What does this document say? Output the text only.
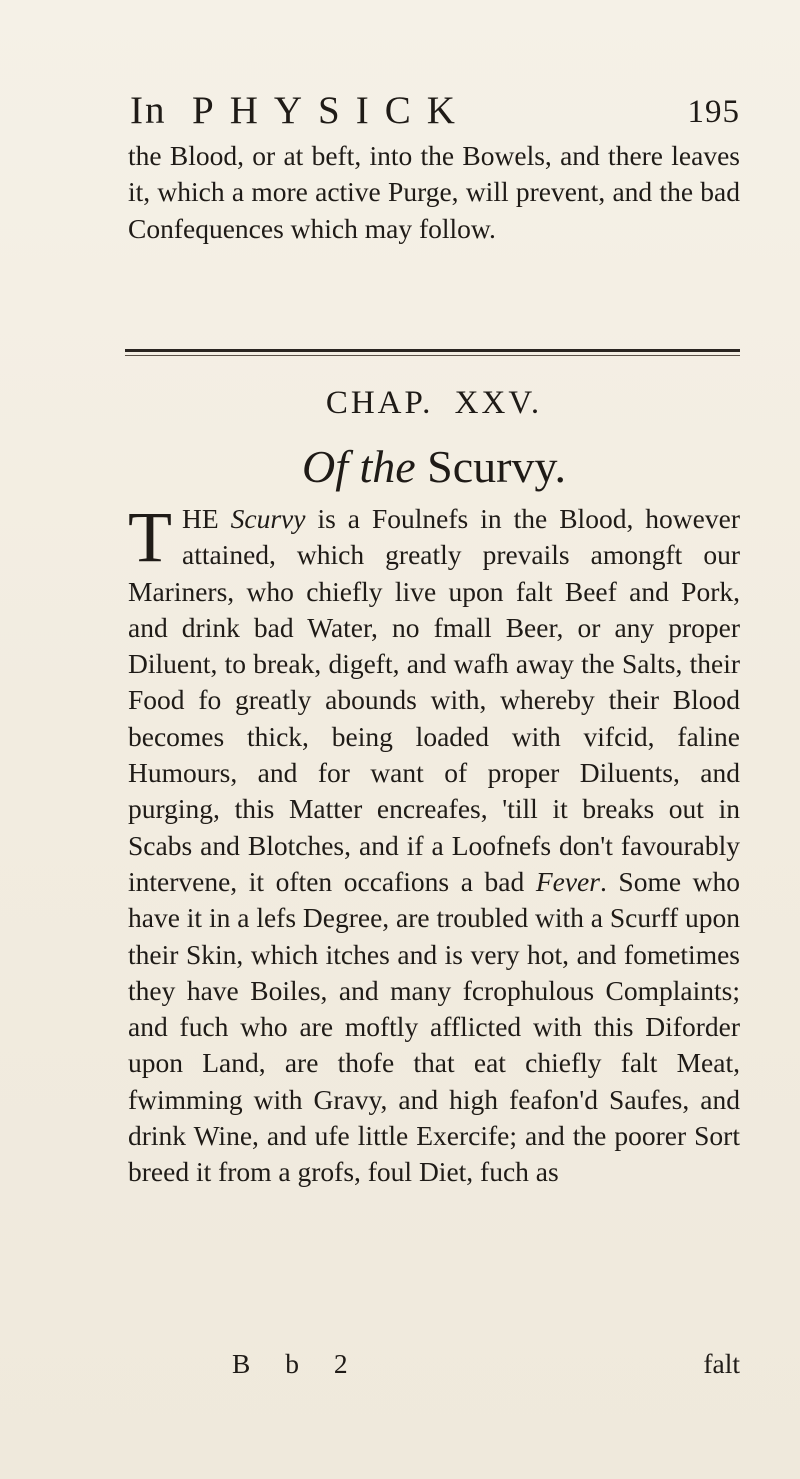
In PHYSICK	195
the Blood, or at beft, into the Bowels, and there leaves it, which a more active Purge, will prevent, and the bad Confequences which may follow.
CHAP. XXV.
Of the Scurvy.
THE Scurvy is a Foulnefs in the Blood, however attained, which greatly prevails amongft our Mariners, who chiefly live upon falt Beef and Pork, and drink bad Water, no fmall Beer, or any proper Diluent, to break, digeft, and wafh away the Salts, their Food fo greatly abounds with, whereby their Blood becomes thick, being loaded with vifcid, faline Humours, and for want of proper Diluents, and purging, this Matter encreafes, 'till it breaks out in Scabs and Blotches, and if a Loofnefs don't favourably intervene, it often occafions a bad Fever. Some who have it in a lefs Degree, are troubled with a Scurff upon their Skin, which itches and is very hot, and fometimes they have Boiles, and many fcrophulous Complaints; and fuch who are moftly afflicted with this Diforder upon Land, are thofe that eat chiefly falt Meat, fwimming with Gravy, and high feafon'd Saufes, and drink Wine, and ufe little Exercife; and the poorer Sort breed it from a grofs, foul Diet, fuch as
B b 2	falt
